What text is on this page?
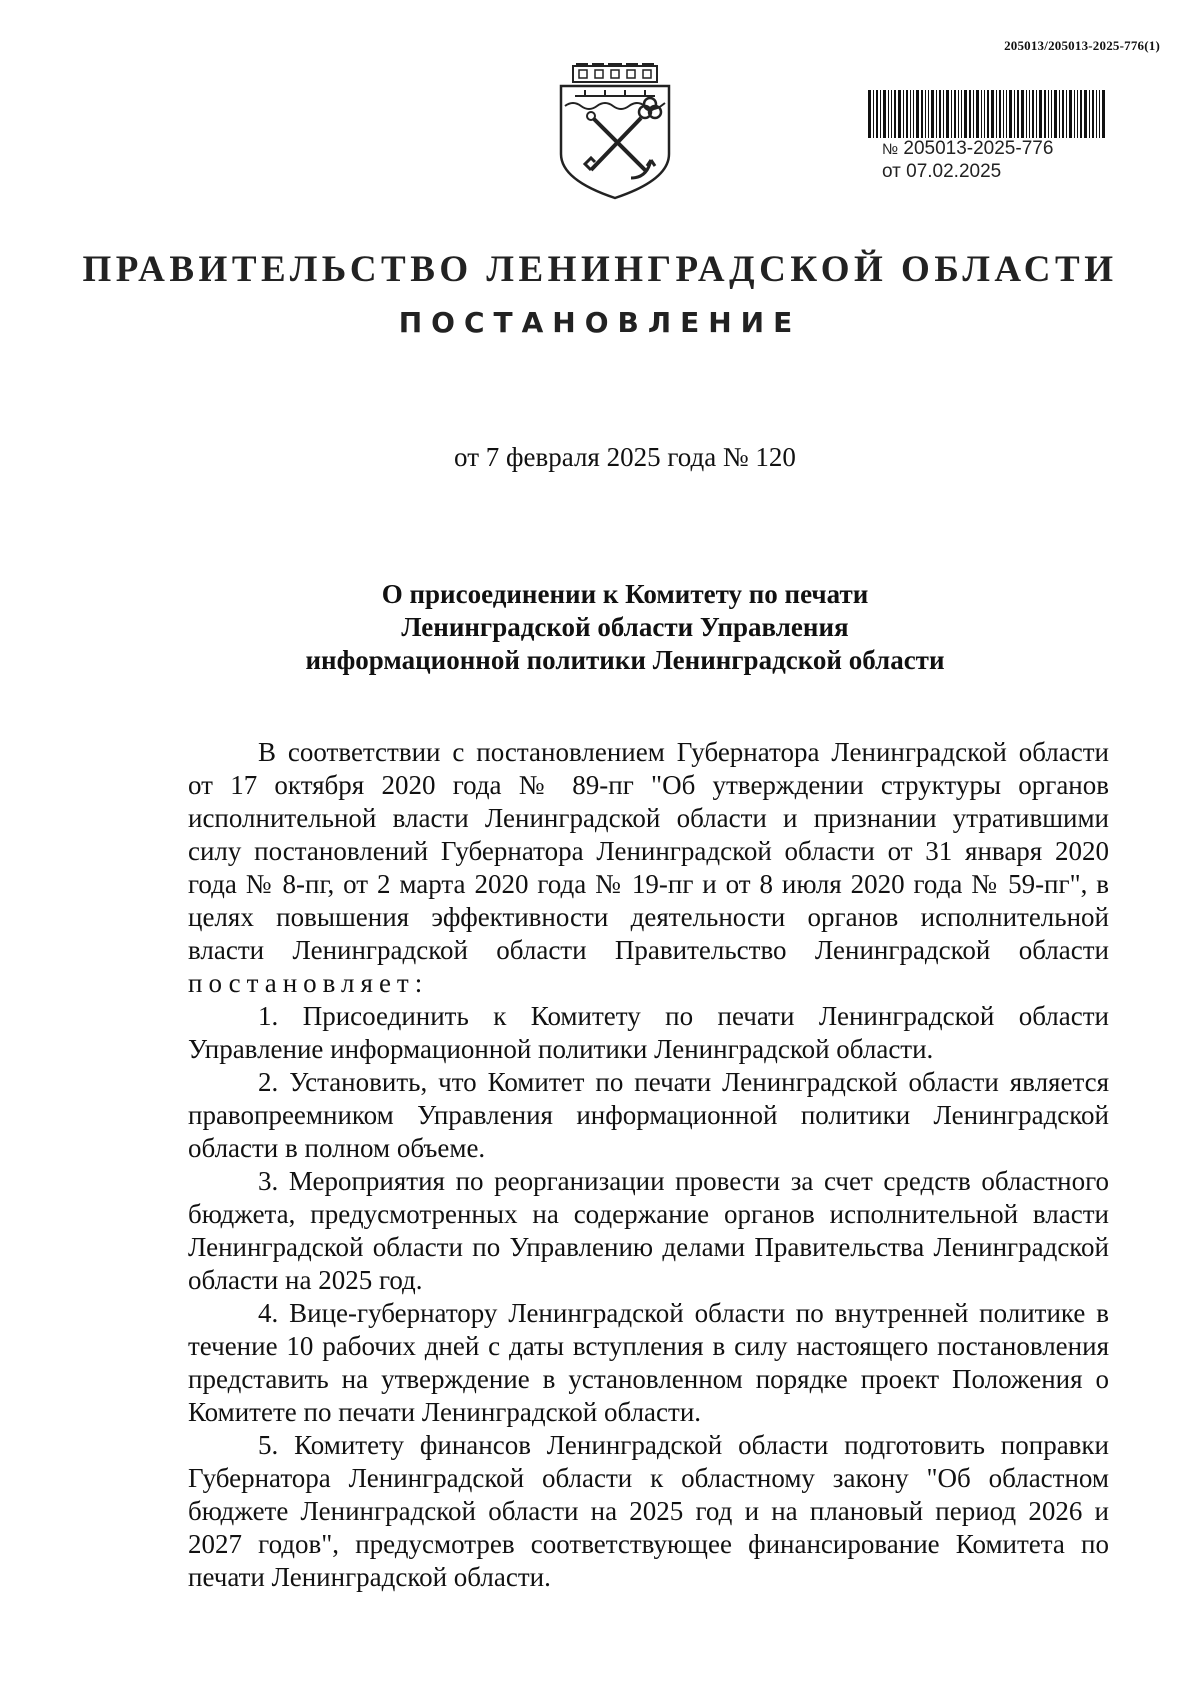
205013/205013-2025-776(1)
№ 205013-2025-776
от 07.02.2025
ПРАВИТЕЛЬСТВО ЛЕНИНГРАДСКОЙ ОБЛАСТИ
ПОСТАНОВЛЕНИЕ
от 7 февраля 2025 года № 120
О присоединении к Комитету по печати
Ленинградской области Управления
информационной политики Ленинградской области

В соответствии с постановлением Губернатора Ленинградской области от 17 октября 2020 года № 89-пг "Об утверждении структуры органов исполнительной власти Ленинградской области и признании утратившими силу постановлений Губернатора Ленинградской области от 31 января 2020 года № 8-пг, от 2 марта 2020 года № 19-пг и от 8 июля 2020 года № 59-пг", в целях повышения эффективности деятельности органов исполнительной власти Ленинградской области Правительство Ленинградской области постановляет:

1. Присоединить к Комитету по печати Ленинградской области Управление информационной политики Ленинградской области.

2. Установить, что Комитет по печати Ленинградской области является правопреемником Управления информационной политики Ленинградской области в полном объеме.

3. Мероприятия по реорганизации провести за счет средств областного бюджета, предусмотренных на содержание органов исполнительной власти Ленинградской области по Управлению делами Правительства Ленинградской области на 2025 год.

4. Вице-губернатору Ленинградской области по внутренней политике в течение 10 рабочих дней с даты вступления в силу настоящего постановления представить на утверждение в установленном порядке проект Положения о Комитете по печати Ленинградской области.

5. Комитету финансов Ленинградской области подготовить поправки Губернатора Ленинградской области к областному закону "Об областном бюджете Ленинградской области на 2025 год и на плановый период 2026 и 2027 годов", предусмотрев соответствующее финансирование Комитета по печати Ленинградской области.
